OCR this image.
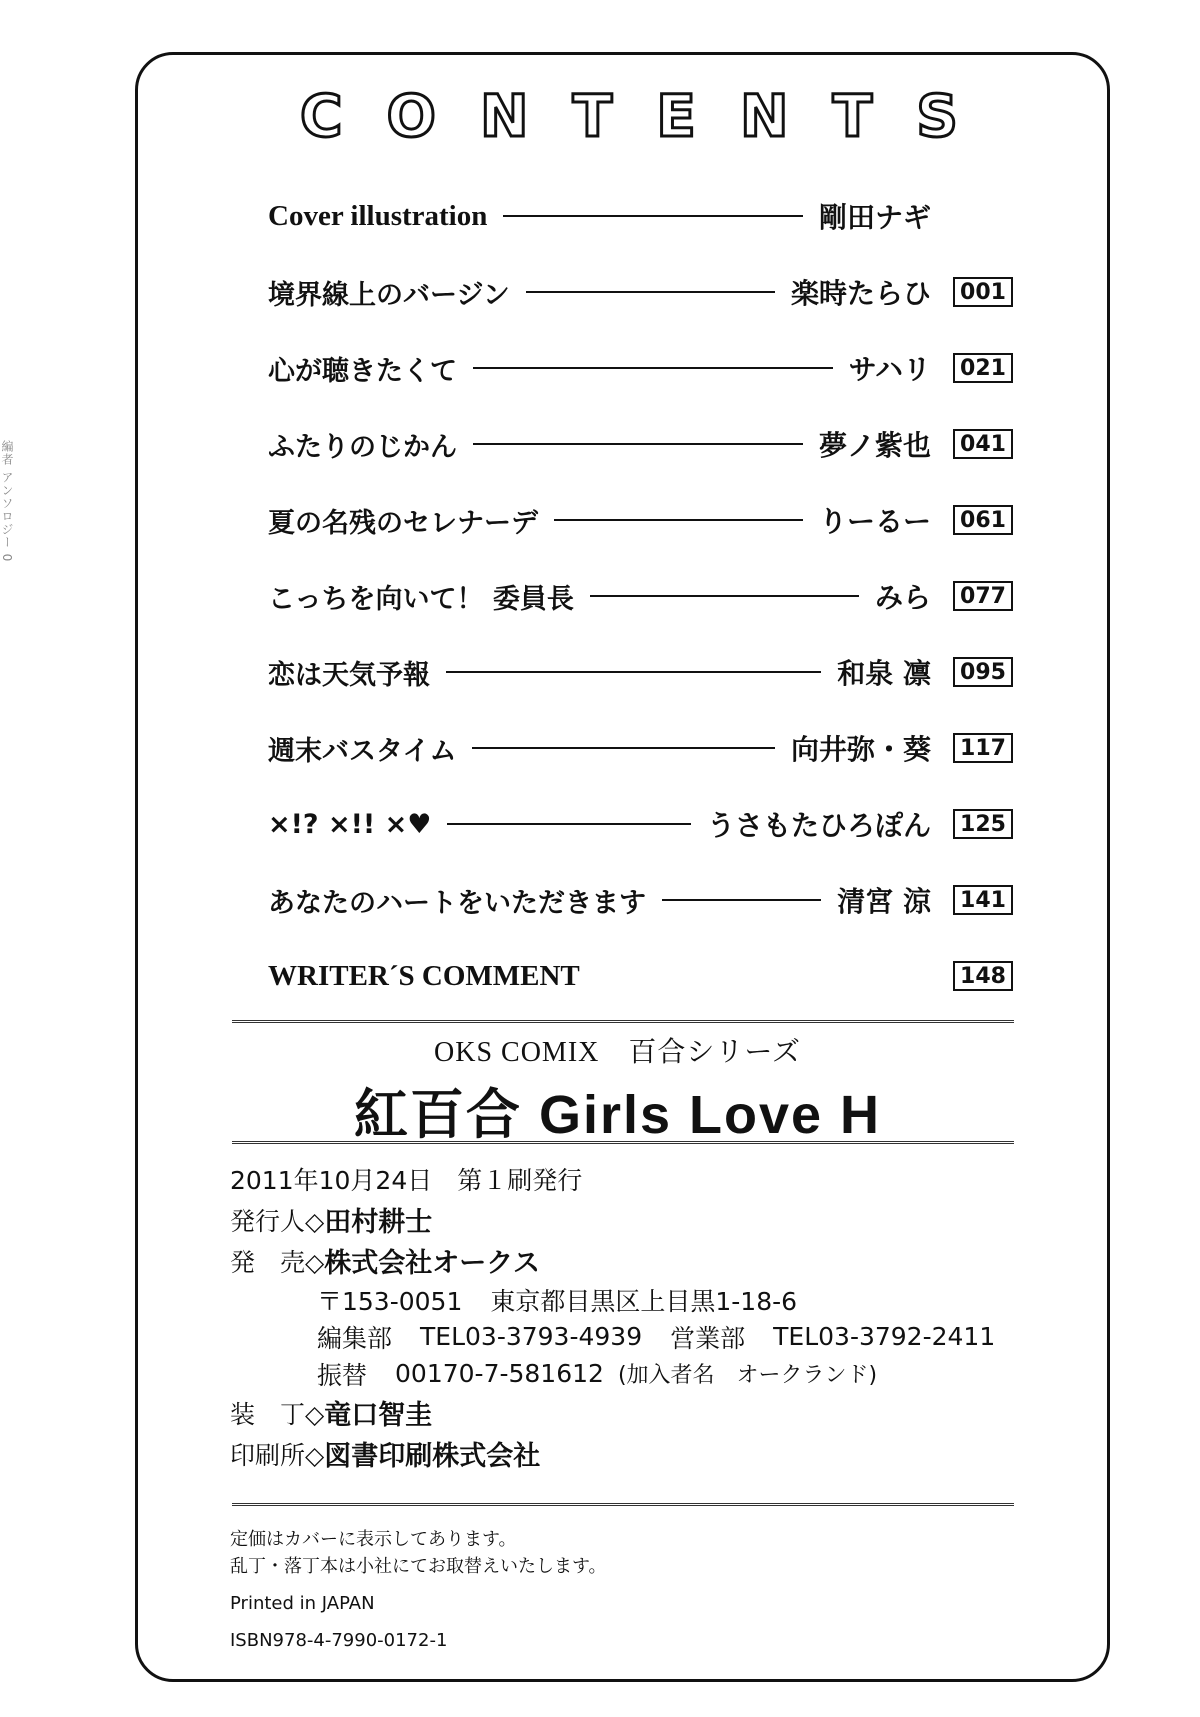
編者 アンソロジー 0
C O N T E N T S
Cover illustration	剛田ナギ
境界線上のバージン	楽時たらひ	001
心が聴きたくて	サハリ	021
ふたりのじかん	夢ノ紫也	041
夏の名残のセレナーデ	りーるー	061
こっちを向いて！ 委員長	みら	077
恋は天気予報	和泉 凛	095
週末バスタイム	向井弥・葵	117
×!? ×!! ×♥	うさもたひろぽん	125
あなたのハートをいただきます	清宮 涼	141
WRITER´S COMMENT	148
OKS COMIX　百合シリーズ
紅百合 Girls Love H
2011年10月24日　第１刷発行
発行人◇ 田村耕士
発　売◇ 株式会社オークス
〒153-0051 東京都目黒区上目黒1-18-6
編集部 TEL03-3793-4939 営業部 TEL03-3792-2411
振替 00170-7-581612 (加入者名　オークランド)
装　丁◇ 竜口智圭
印刷所◇ 図書印刷株式会社
定価はカバーに表示してあります。
乱丁・落丁本は小社にてお取替えいたします。
Printed in JAPAN
ISBN978-4-7990-0172-1
